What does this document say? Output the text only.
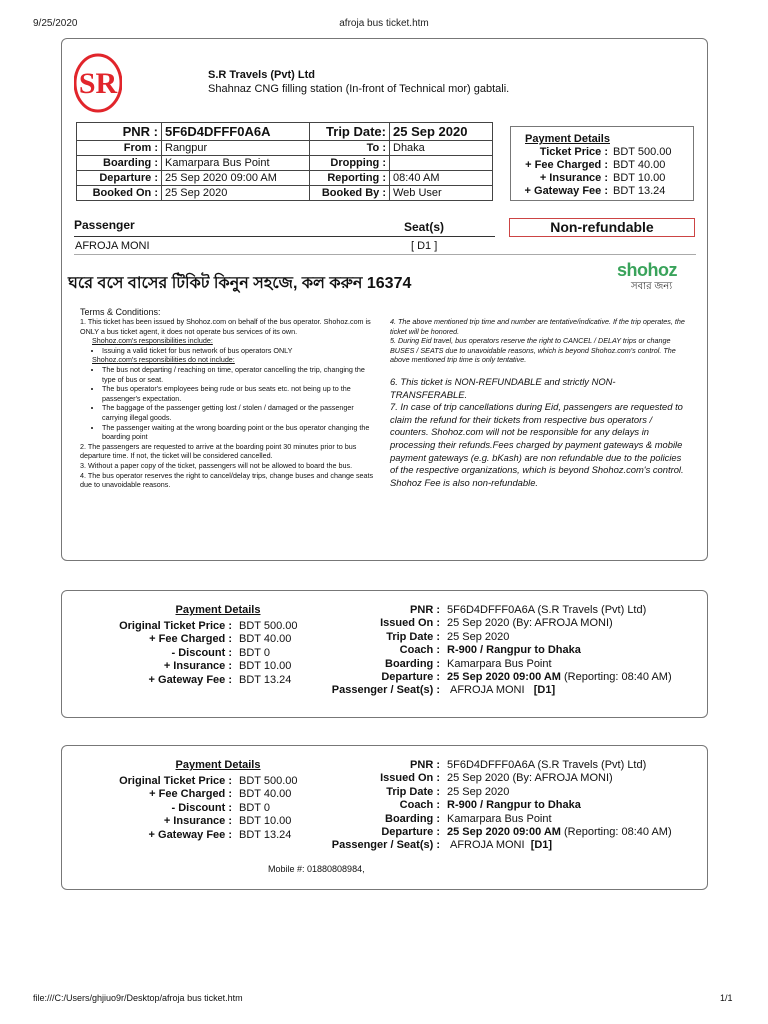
9/25/2020	afroja bus ticket.htm
SR	S.R Travels (Pvt) Ltd
Shahnaz CNG filling station (In-front of Technical mor) gabtali.
PNR :	5F6D4DFFF0A6A	Trip Date:	25 Sep 2020
From :	Rangpur	To :	Dhaka
Boarding :	Kamarpara Bus Point	Dropping :	
Departure :	25 Sep 2020 09:00 AM	Reporting :	08:40 AM
Booked On :	25 Sep 2020	Booked By :	Web User
Payment Details
Ticket Price : BDT 500.00
+ Fee Charged : BDT 40.00
+ Insurance : BDT 10.00
+ Gateway Fee : BDT 13.24
Passenger	Seat(s)	Non-refundable
AFROJA MONI	[ D1 ]
ঘরে বসে বাসের টিকিট কিনুন সহজে, কল করুন 16374
shohoz
সবার জন্য
Terms & Conditions:
1. This ticket has been issued by Shohoz.com on behalf of the bus operator. Shohoz.com is ONLY a bus ticket agent, it does not operate bus services of its own.
Shohoz.com's responsibilities include:
• Issuing a valid ticket for bus network of bus operators ONLY
Shohoz.com's responsibilities do not include:
• The bus not departing / reaching on time, operator cancelling the trip, changing the type of bus or seat.
• The bus operator's employees being rude or bus seats etc. not being up to the passenger's expectation.
• The baggage of the passenger getting lost / stolen / damaged or the passenger carrying illegal goods.
• The passenger waiting at the wrong boarding point or the bus operator changing the boarding point
2. The passengers are requested to arrive at the boarding point 30 minutes prior to bus departure time. If not, the ticket will be considered cancelled.
3. Without a paper copy of the ticket, passengers will not be allowed to board the bus.
4. The bus operator reserves the right to cancel/delay trips, change buses and change seats due to unavoidable reasons.
4. The above mentioned trip time and number are tentative/indicative. If the trip operates, the ticket will be honored.
5. During Eid travel, bus operators reserve the right to CANCEL / DELAY trips or change BUSES / SEATS due to unavoidable reasons, which is beyond Shohoz.com's control. The above mentioned trip time is only tentative.
6. This ticket is NON-REFUNDABLE and strictly NON-TRANSFERABLE.
7. In case of trip cancellations during Eid, passengers are requested to claim the refund for their tickets from respective bus operators / counters. Shohoz.com will not be responsible for any delays in processing their refunds.Fees charged by payment gateways & mobile payment gateways (e.g. bKash) are non refundable due to the policies of the respective organizations, which is beyond Shohoz.com's control. Shohoz Fee is also non-refundable.
Payment Details
Original Ticket Price : BDT 500.00
+ Fee Charged : BDT 40.00
- Discount : BDT 0
+ Insurance : BDT 10.00
+ Gateway Fee : BDT 13.24
PNR : 5F6D4DFFF0A6A (S.R Travels (Pvt) Ltd)
Issued On : 25 Sep 2020 (By: AFROJA MONI)
Trip Date : 25 Sep 2020
Coach : R-900 / Rangpur to Dhaka
Boarding : Kamarpara Bus Point
Departure : 25 Sep 2020 09:00 AM (Reporting: 08:40 AM)
Passenger / Seat(s) : AFROJA MONI [D1]
Payment Details
Original Ticket Price : BDT 500.00
+ Fee Charged : BDT 40.00
- Discount : BDT 0
+ Insurance : BDT 10.00
+ Gateway Fee : BDT 13.24
PNR : 5F6D4DFFF0A6A (S.R Travels (Pvt) Ltd)
Issued On : 25 Sep 2020 (By: AFROJA MONI)
Trip Date : 25 Sep 2020
Coach : R-900 / Rangpur to Dhaka
Boarding : Kamarpara Bus Point
Departure : 25 Sep 2020 09:00 AM (Reporting: 08:40 AM)
Passenger / Seat(s) : AFROJA MONI [D1]
Mobile #: 01880808984,
file:///C:/Users/ghjiuo9r/Desktop/afroja bus ticket.htm	1/1
